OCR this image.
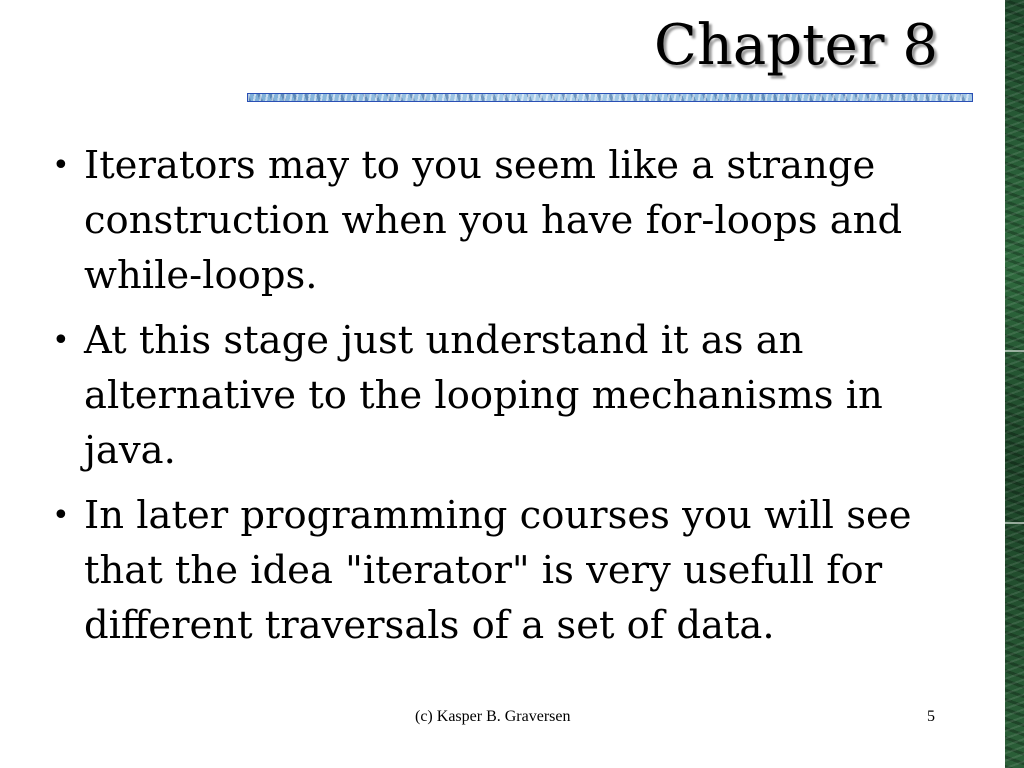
Chapter 8
• Iterators may to you seem like a strange construction when you have for-loops and while-loops.
• At this stage just understand it as an alternative to the looping mechanisms in java.
• In later programming courses you will see that the idea "iterator" is very usefull for different traversals of a set of data.
(c) Kasper B. Graversen	5
